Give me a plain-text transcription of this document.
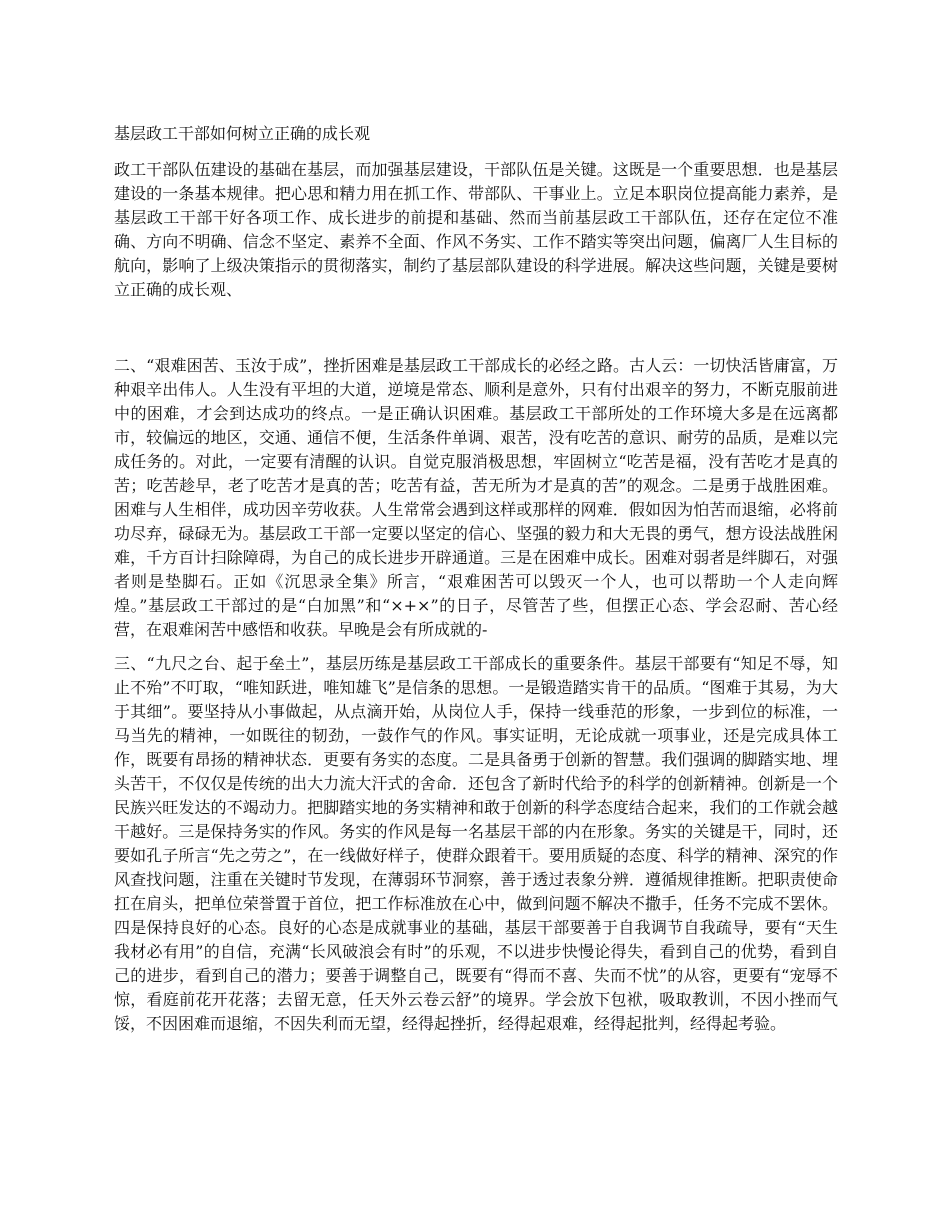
基层政工干部如何树立正确的成长观

政工干部队伍建设的基础在基层，而加强基层建设，干部队伍是关键。这既是一个重要思想．也是基层建设的一条基本规律。把心思和精力用在抓工作、带部队、干事业上。立足本职岗位提高能力素养，是基层政工干部干好各项工作、成长进步的前提和基础、然而当前基层政工干部队伍，还存在定位不准确、方向不明确、信念不坚定、素养不全面、作风不务实、工作不踏实等突出问题，偏离厂人生目标的航向，影响了上级决策指示的贯彻落实，制约了基层部队建设的科学进展。解决这些问题，关键是要树立正确的成长观、

二、“艰难困苦、玉汝于成”，挫折困难是基层政工干部成长的必经之路。古人云：一切快活皆庸富，万种艰辛出伟人。人生没有平坦的大道，逆境是常态、顺利是意外，只有付出艰辛的努力，不断克服前进中的困难，才会到达成功的终点。一是正确认识困难。基层政工干部所处的工作环境大多是在远离都市，较偏远的地区，交通、通信不便，生活条件单调、艰苦，没有吃苦的意识、耐劳的品质，是难以完成任务的。对此，一定要有清醒的认识。自觉克服消极思想，牢固树立“吃苦是福，没有苦吃才是真的苦；吃苦趁早，老了吃苦才是真的苦；吃苦有益，苦无所为才是真的苦”的观念。二是勇于战胜困难。困难与人生相伴，成功因辛劳收获。人生常常会遇到这样或那样的网难．假如因为怕苦而退缩，必将前功尽弃，碌碌无为。基层政工干部一定要以坚定的信心、坚强的毅力和大无畏的勇气，想方设法战胜闲难，千方百计扫除障碍，为自己的成长进步开辟通道。三是在困难中成长。困难对弱者是绊脚石，对强者则是垫脚石。正如《沉思录全集》所言，“艰难困苦可以毁灭一个人，也可以帮助一个人走向辉煌。”基层政工干部过的是“白加黑”和“×+×”的日子，尽管苦了些，但摆正心态、学会忍耐、苦心经营，在艰难闲苦中感悟和收获。早晚是会有所成就的-

三、“九尺之台、起于垒土”，基层历练是基层政工干部成长的重要条件。基层干部要有“知足不辱，知止不殆”不叮取，“唯知跃进，唯知雄飞”是信条的思想。一是锻造踏实肯干的品质。“图难于其易，为大于其细”。要坚持从小事做起，从点滴开始，从岗位人手，保持一线垂范的形象，一步到位的标准，一马当先的精神，一如既往的韧劲，一鼓作气的作风。事实证明，无论成就一项事业，还是完成具体工作，既要有昂扬的精神状态．更要有务实的态度。二是具备勇于创新的智慧。我们强调的脚踏实地、埋头苦干，不仅仅是传统的出大力流大汗式的舍命．还包含了新时代给予的科学的创新精神。创新是一个民族兴旺发达的不竭动力。把脚踏实地的务实精神和敢于创新的科学态度结合起来，我们的工作就会越干越好。三是保持务实的作风。务实的作风是每一名基层干部的内在形象。务实的关键是干，同时，还要如孔子所言“先之劳之”，在一线做好样子，使群众跟着干。要用质疑的态度、科学的精神、深究的作风查找问题，注重在关键时节发现，在薄弱环节洞察，善于透过表象分辨．遵循规律推断。把职责使命扛在肩头，把单位荣誉置于首位，把工作标准放在心中，做到问题不解决不撒手，任务不完成不罢休。四是保持良好的心态。良好的心态是成就事业的基础，基层干部要善于自我调节自我疏导，要有“天生我材必有用”的自信，充满“长风破浪会有时”的乐观，不以进步快慢论得失，看到自己的优势，看到自己的进步，看到自己的潜力；要善于调整自己，既要有“得而不喜、失而不忧”的从容，更要有“宠辱不惊，看庭前花开花落；去留无意，任天外云卷云舒”的境界。学会放下包袱，吸取教训，不因小挫而气馁，不因困难而退缩，不因失利而无望，经得起挫折，经得起艰难，经得起批判，经得起考验。
